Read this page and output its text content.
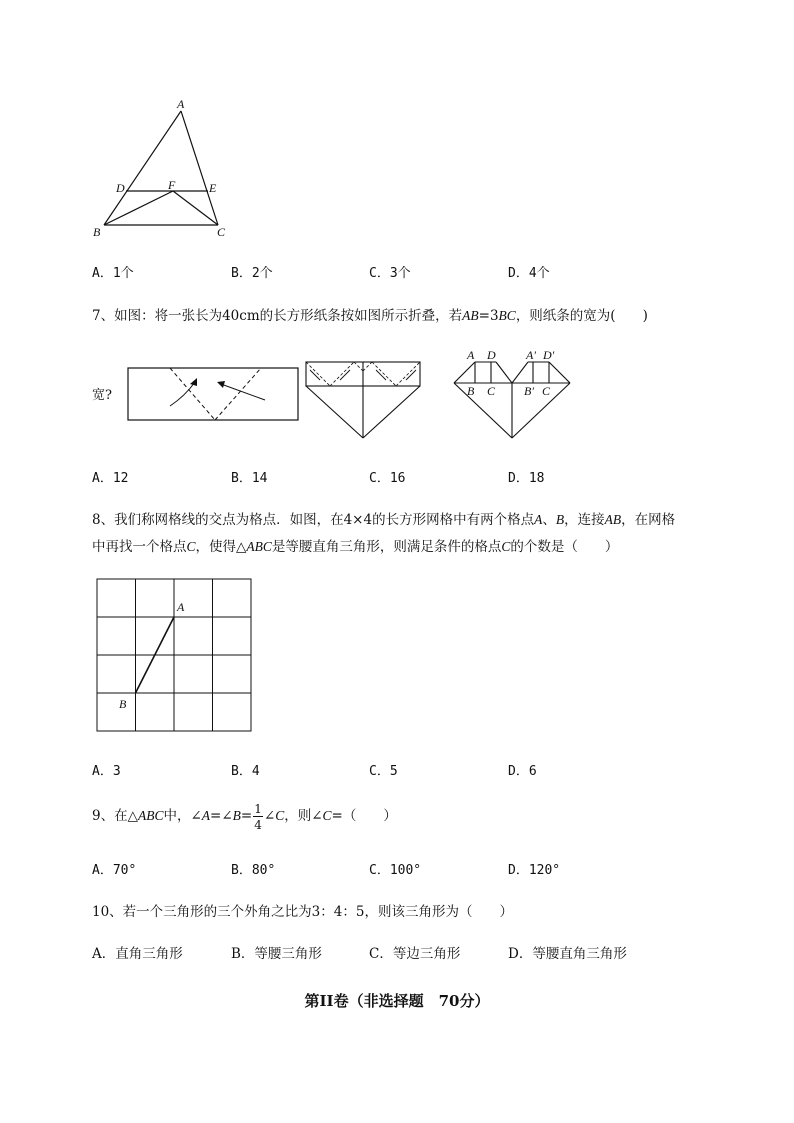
A
D	F	E
B	C
A．1个	B．2个	C．3个	D．4个
7、如图：将一张长为40cm的长方形纸条按如图所示折叠，若AB=3BC，则纸条的宽为(　　)
宽?
A D
B C
A′ D′
B′ C
A．12	B．14	C．16	D．18
8、我们称网格线的交点为格点．如图，在4×4的长方形网格中有两个格点A、B，连接AB，在网格
中再找一个格点C，使得△ABC是等腰直角三角形，则满足条件的格点C的个数是（　　）
A
B
A．3	B．4	C．5	D．6
9、在△ABC中，∠A=∠B= $\frac{1}{4}$ ∠C，则∠C=（　　）
A．70°	B．80°	C．100°	D．120°
10、若一个三角形的三个外角之比为3：4：5，则该三角形为（　　）
A．直角三角形	B．等腰三角形	C．等边三角形	D．等腰直角三角形
第II卷（非选择题　70分）
